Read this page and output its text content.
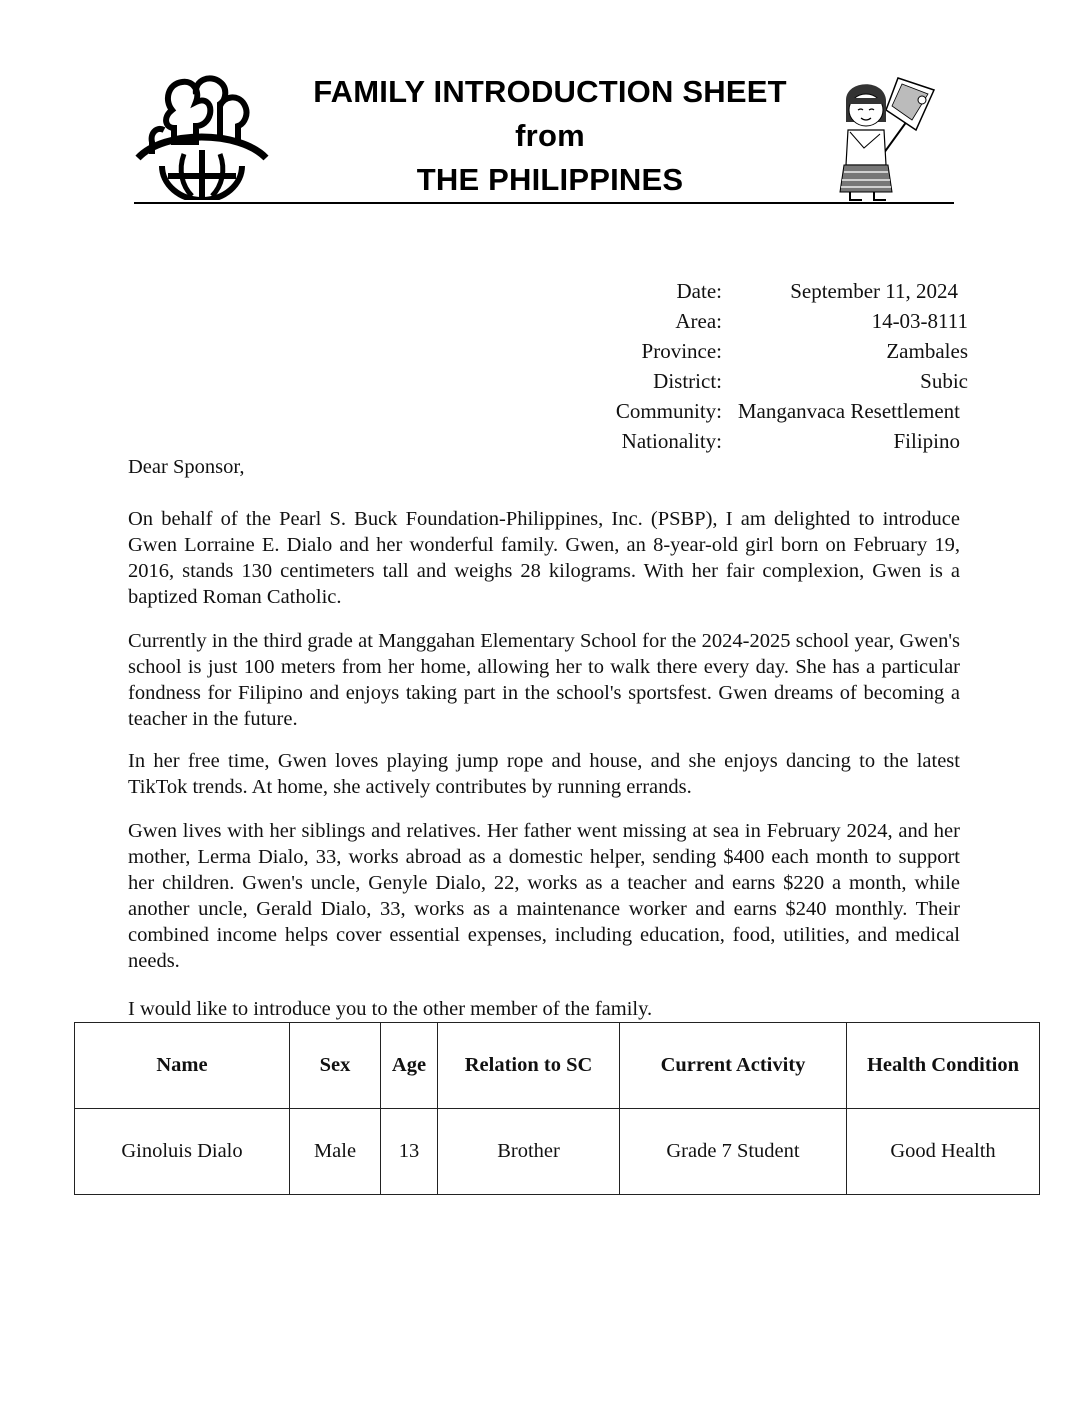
FAMILY INTRODUCTION SHEET
from
THE PHILIPPINES
Date:	September 11, 2024
Area:	14-03-8111
Province:	Zambales
District:	Subic
Community: Manganvaca Resettlement
Nationality:	Filipino
Dear Sponsor,

On behalf of the Pearl S. Buck Foundation-Philippines, Inc. (PSBP), I am delighted to introduce Gwen Lorraine E. Dialo and her wonderful family. Gwen, an 8-year-old girl born on February 19, 2016, stands 130 centimeters tall and weighs 28 kilograms. With her fair complexion, Gwen is a baptized Roman Catholic.

Currently in the third grade at Manggahan Elementary School for the 2024-2025 school year, Gwen's school is just 100 meters from her home, allowing her to walk there every day. She has a particular fondness for Filipino and enjoys taking part in the school's sportsfest. Gwen dreams of becoming a teacher in the future.

In her free time, Gwen loves playing jump rope and house, and she enjoys dancing to the latest TikTok trends. At home, she actively contributes by running errands.

Gwen lives with her siblings and relatives. Her father went missing at sea in February 2024, and her mother, Lerma Dialo, 33, works abroad as a domestic helper, sending $400 each month to support her children. Gwen's uncle, Genyle Dialo, 22, works as a teacher and earns $220 a month, while another uncle, Gerald Dialo, 33, works as a maintenance worker and earns $240 monthly. Their combined income helps cover essential expenses, including education, food, utilities, and medical needs.

I would like to introduce you to the other member of the family.

Name	Sex	Age	Relation to SC	Current Activity	Health Condition
Ginoluis Dialo	Male	13	Brother	Grade 7 Student	Good Health
